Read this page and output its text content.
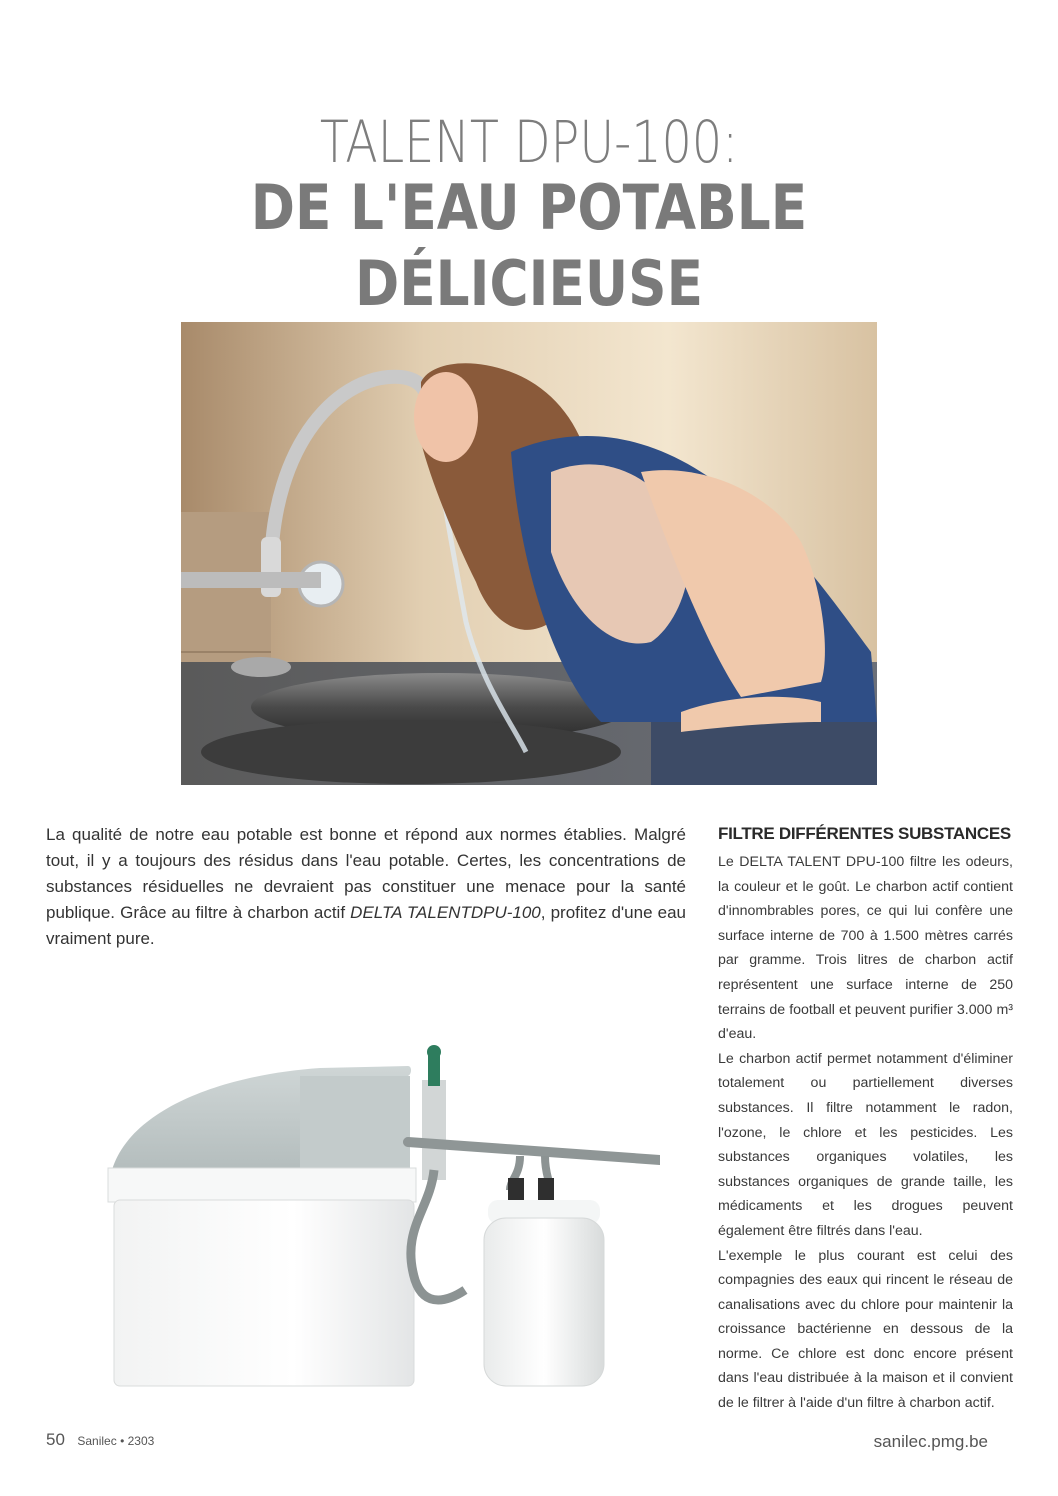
TALENT DPU-100:
DE L'EAU POTABLE DÉLICIEUSE
La qualité de notre eau potable est bonne et répond aux normes établies. Malgré tout, il y a toujours des résidus dans l'eau potable. Certes, les concentrations de substances résiduelles ne devraient pas constituer une menace pour la santé publique. Grâce au filtre à charbon actif DELTA TALENTDPU-100, profitez d'une eau vraiment pure.
FILTRE DIFFÉRENTES SUBSTANCES

Le DELTA TALENT DPU-100 filtre les odeurs, la couleur et le goût. Le charbon actif contient d'innombrables pores, ce qui lui confère une surface interne de 700 à 1.500 mètres carrés par gramme. Trois litres de charbon actif représentent une surface interne de 250 terrains de football et peuvent purifier 3.000 m³ d'eau.

Le charbon actif permet notamment d'éliminer totalement ou partiellement diverses substances. Il filtre notamment le radon, l'ozone, le chlore et les pesticides. Les substances organiques volatiles, les substances organiques de grande taille, les médicaments et les drogues peuvent également être filtrés dans l'eau.

L'exemple le plus courant est celui des compagnies des eaux qui rincent le réseau de canalisations avec du chlore pour maintenir la croissance bactérienne en dessous de la norme. Ce chlore est donc encore présent dans l'eau distribuée à la maison et il convient de le filtrer à l'aide d'un filtre à charbon actif.

50 Sanilec • 2303	sanilec.pmg.be
